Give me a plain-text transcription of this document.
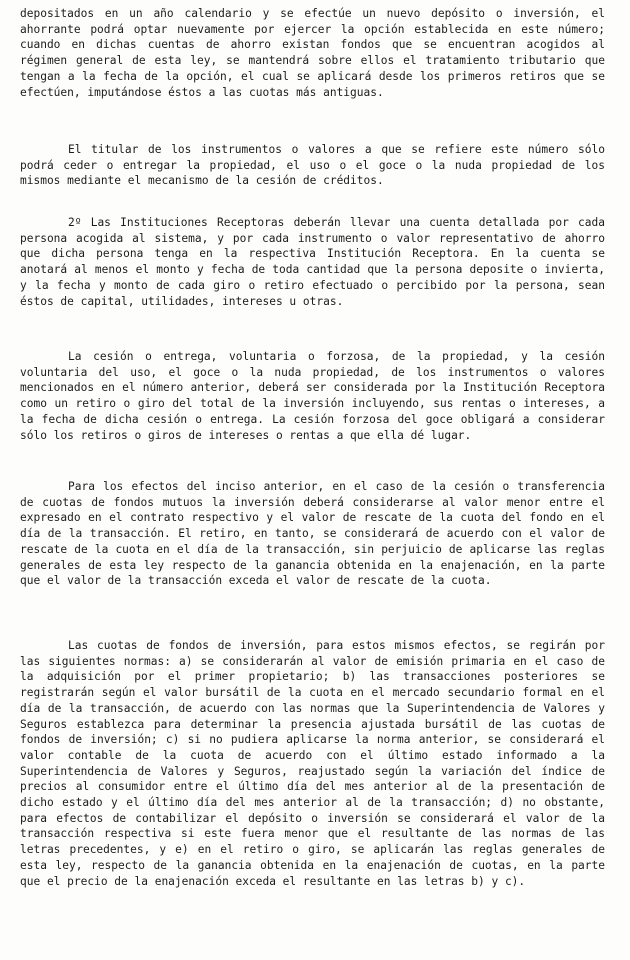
depositados en un año calendario y se efectúe un nuevo depósito o inversión, el ahorrante podrá optar nuevamente por ejercer la opción establecida en este número; cuando en dichas cuentas de ahorro existan fondos que se encuentran acogidos al régimen general de esta ley, se mantendrá sobre ellos el tratamiento tributario que tengan a la fecha de la opción, el cual se aplicará desde los primeros retiros que se efectúen, imputándose éstos a las cuotas más antiguas.

El titular de los instrumentos o valores a que se refiere este número sólo podrá ceder o entregar la propiedad, el uso o el goce o la nuda propiedad de los mismos mediante el mecanismo de la cesión de créditos.

2º Las Instituciones Receptoras deberán llevar una cuenta detallada por cada persona acogida al sistema, y por cada instrumento o valor representativo de ahorro que dicha persona tenga en la respectiva Institución Receptora. En la cuenta se anotará al menos el monto y fecha de toda cantidad que la persona deposite o invierta, y la fecha y monto de cada giro o retiro efectuado o percibido por la persona, sean éstos de capital, utilidades, intereses u otras.

La cesión o entrega, voluntaria o forzosa, de la propiedad, y la cesión voluntaria del uso, el goce o la nuda propiedad, de los instrumentos o valores mencionados en el número anterior, deberá ser considerada por la Institución Receptora como un retiro o giro del total de la inversión incluyendo, sus rentas o intereses, a la fecha de dicha cesión o entrega. La cesión forzosa del goce obligará a considerar sólo los retiros o giros de intereses o rentas a que ella dé lugar.

Para los efectos del inciso anterior, en el caso de la cesión o transferencia de cuotas de fondos mutuos la inversión deberá considerarse al valor menor entre el expresado en el contrato respectivo y el valor de rescate de la cuota del fondo en el día de la transacción. El retiro, en tanto, se considerará de acuerdo con el valor de rescate de la cuota en el día de la transacción, sin perjuicio de aplicarse las reglas generales de esta ley respecto de la ganancia obtenida en la enajenación, en la parte que el valor de la transacción exceda el valor de rescate de la cuota.

Las cuotas de fondos de inversión, para estos mismos efectos, se regirán por las siguientes normas: a) se considerarán al valor de emisión primaria en el caso de la adquisición por el primer propietario; b) las transacciones posteriores se registrarán según el valor bursátil de la cuota en el mercado secundario formal en el día de la transacción, de acuerdo con las normas que la Superintendencia de Valores y Seguros establezca para determinar la presencia ajustada bursátil de las cuotas de fondos de inversión; c) si no pudiera aplicarse la norma anterior, se considerará el valor contable de la cuota de acuerdo con el último estado informado a la Superintendencia de Valores y Seguros, reajustado según la variación del índice de precios al consumidor entre el último día del mes anterior al de la presentación de dicho estado y el último día del mes anterior al de la transacción; d) no obstante, para efectos de contabilizar el depósito o inversión se considerará el valor de la transacción respectiva si este fuera menor que el resultante de las normas de las letras precedentes, y e) en el retiro o giro, se aplicarán las reglas generales de esta ley, respecto de la ganancia obtenida en la enajenación de cuotas, en la parte que el precio de la enajenación exceda el resultante en las letras b) y c).
